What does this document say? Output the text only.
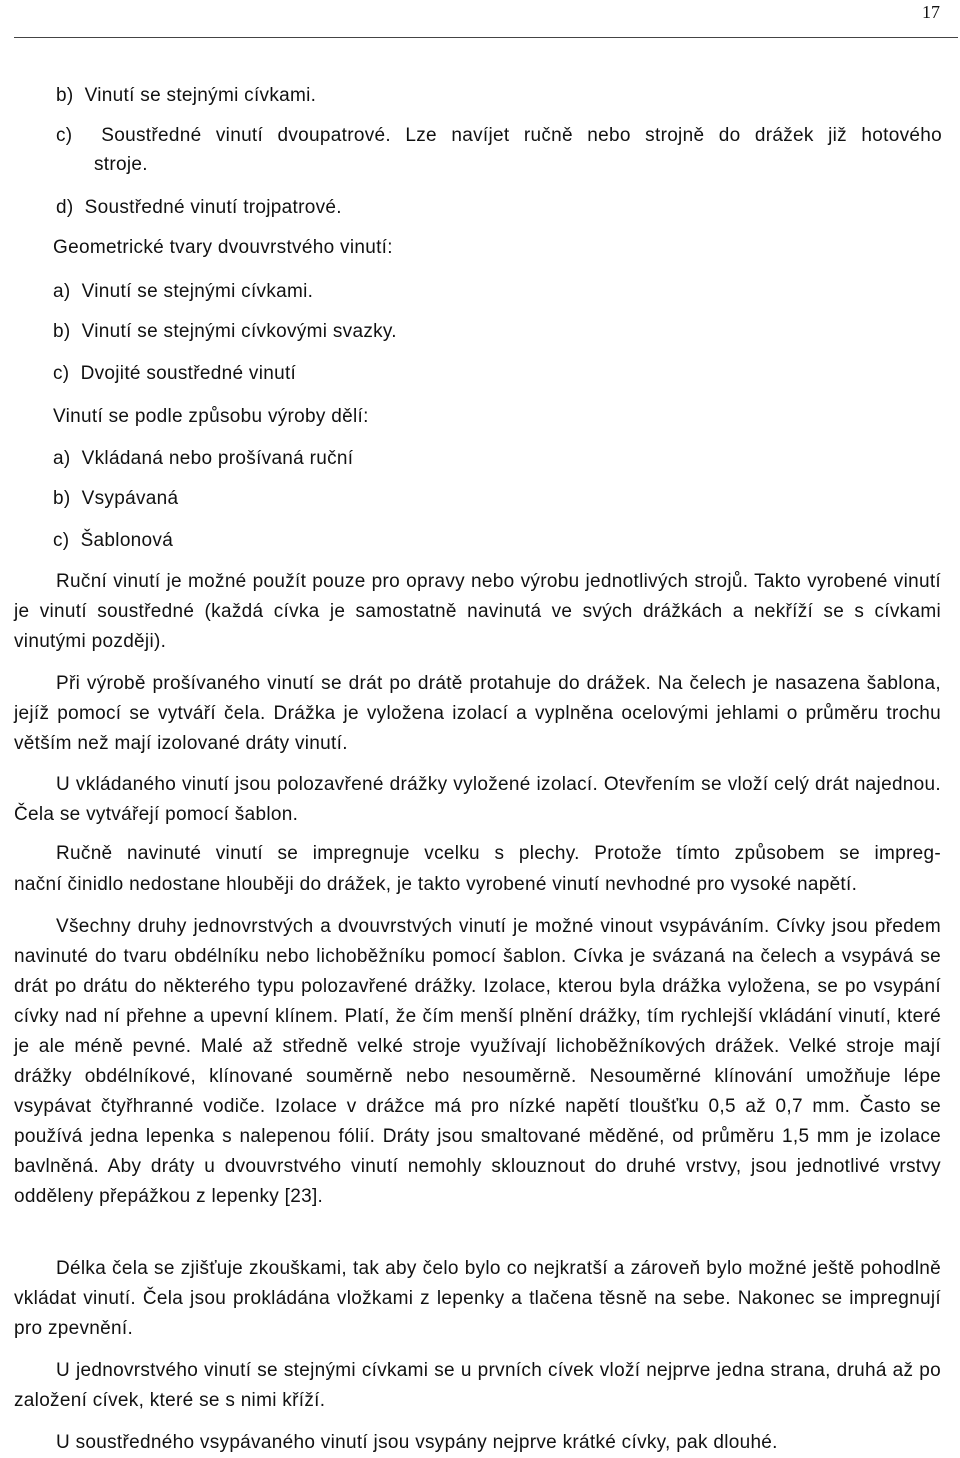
17
b)  Vinutí se stejnými cívkami.
c)  Soustředné vinutí dvoupatrové. Lze navíjet ručně nebo strojně do drážek již hotového
stroje.
d)  Soustředné vinutí trojpatrové.
Geometrické tvary dvouvrstvého vinutí:
a)  Vinutí se stejnými cívkami.
b)  Vinutí se stejnými cívkovými svazky.
c)  Dvojité soustředné vinutí
Vinutí se podle způsobu výroby dělí:
a)  Vkládaná nebo prošívaná ruční
b)  Vsypávaná
c)  Šablonová
Ruční vinutí je možné použít pouze pro opravy nebo výrobu jednotlivých strojů. Takto vyrobené vinutí je vinutí soustředné (každá cívka je samostatně navinutá ve svých drážkách a nekříží se s cívkami vinutými později).
Při výrobě prošívaného vinutí se drát po drátě protahuje do drážek. Na čelech je nasazena šablona, jejíž pomocí se vytváří čela. Drážka je vyložena izolací a vyplněna ocelovými jehlami o průměru trochu větším než mají izolované dráty vinutí.
U vkládaného vinutí jsou polozavřené drážky vyložené izolací. Otevřením se vloží celý drát najednou. Čela se vytvářejí pomocí šablon.
Ručně navinuté vinutí se impregnuje vcelku s plechy. Protože tímto způsobem se impreg-
nační činidlo nedostane hlouběji do drážek, je takto vyrobené vinutí nevhodné pro vysoké napětí.
Všechny druhy jednovrstvých a dvouvrstvých vinutí je možné vinout vsypáváním. Cívky jsou předem navinuté do tvaru obdélníku nebo lichoběžníku pomocí šablon. Cívka je svázaná na čelech a vsypává se drát po drátu do některého typu polozavřené drážky. Izolace, kterou byla drážka vyložena, se po vsypání cívky nad ní přehne a upevní klínem. Platí, že čím menší plnění drážky, tím rychlejší vkládání vinutí, které je ale méně pevné. Malé až středně velké stroje využívají lichoběžníkových drážek. Velké stroje mají drážky obdélníkové, klínované souměrně nebo nesouměrně. Nesouměrné klínování umožňuje lépe vsypávat čtyřhranné vodiče. Izolace v drážce má pro nízké napětí tloušťku 0,5 až 0,7 mm. Často se používá jedna lepenka s nalepenou fólií. Dráty jsou smaltované měděné, od průměru 1,5 mm je izolace bavlněná. Aby dráty u dvouvrstvého vinutí nemohly sklouznout do druhé vrstvy, jsou jednotlivé vrstvy odděleny přepážkou z lepenky [23].
Délka čela se zjišťuje zkouškami, tak aby čelo bylo co nejkratší a zároveň bylo možné ještě pohodlně vkládat vinutí. Čela jsou prokládána vložkami z lepenky a tlačena těsně na sebe. Nakonec se impregnují pro zpevnění.
U jednovrstvého vinutí se stejnými cívkami se u prvních cívek vloží nejprve jedna strana, druhá až po založení cívek, které se s nimi kříží.
U soustředného vsypávaného vinutí jsou vsypány nejprve krátké cívky, pak dlouhé.
